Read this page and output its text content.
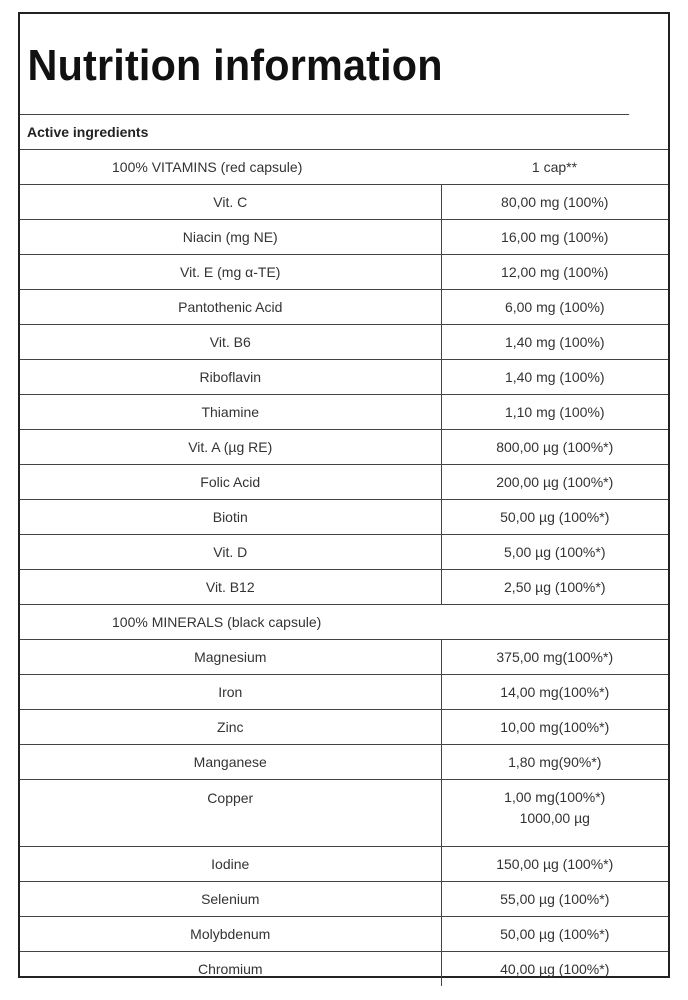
Nutrition information
Active ingredients
100% VITAMINS (red capsule)	1 cap**
Vit. C	80,00 mg (100%)
Niacin (mg NE)	16,00 mg (100%)
Vit. E (mg α-TE)	12,00 mg (100%)
Pantothenic Acid	6,00 mg (100%)
Vit. B6	1,40 mg (100%)
Riboflavin	1,40 mg (100%)
Thiamine	1,10 mg (100%)
Vit. A (µg RE)	800,00 µg (100%*)
Folic Acid	200,00 µg (100%*)
Biotin	50,00 µg (100%*)
Vit. D	5,00 µg (100%*)
Vit. B12	2,50 µg (100%*)
100% MINERALS (black capsule)	
Magnesium	375,00 mg(100%*)
Iron	14,00 mg(100%*)
Zinc	10,00 mg(100%*)
Manganese	1,80 mg(90%*)
Copper	1,00 mg(100%*)
1000,00 µg

Iodine	150,00 µg (100%*)
Selenium	55,00 µg (100%*)
Molybdenum	50,00 µg (100%*)
Chromium	40,00 µg (100%*)
